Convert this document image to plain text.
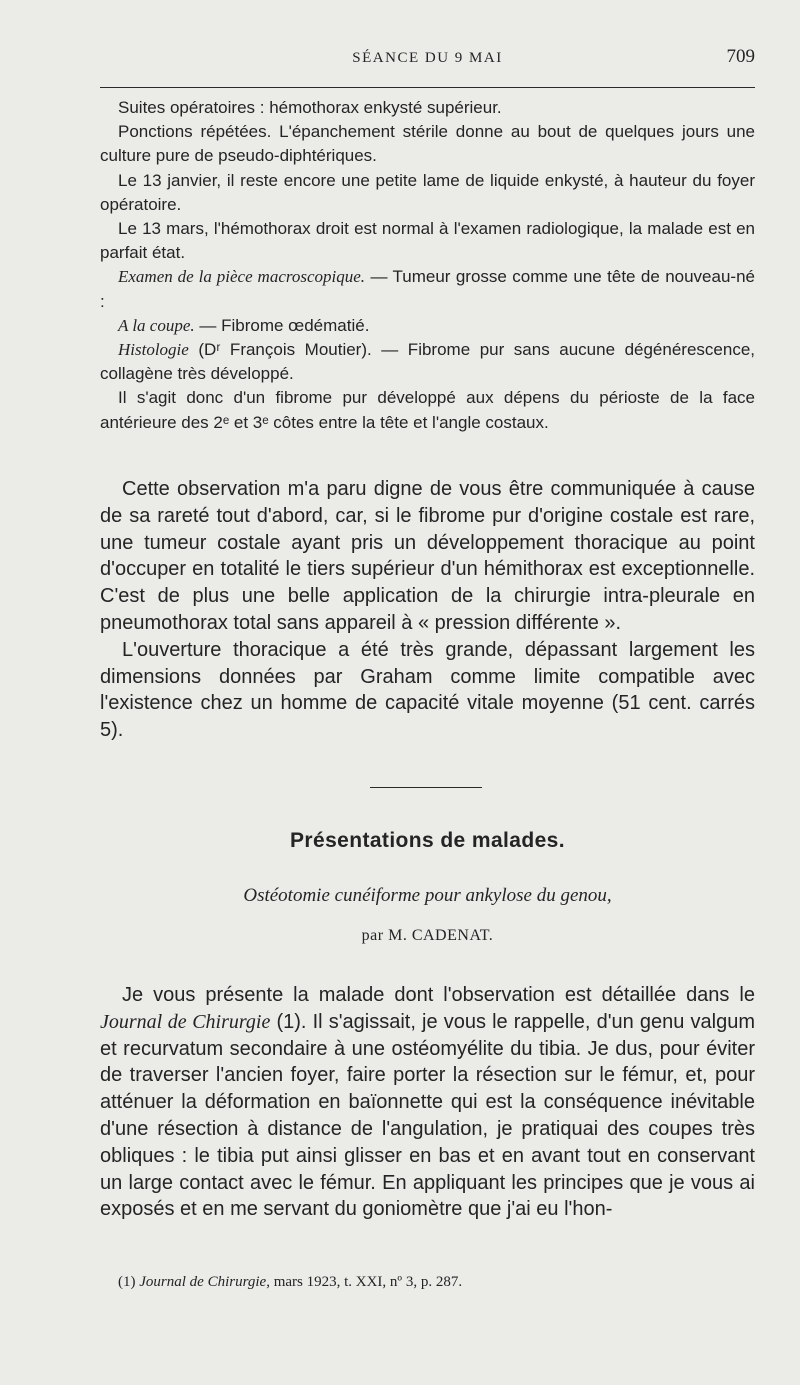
SÉANCE DU 9 MAI	709

Suites opératoires : hémothorax enkysté supérieur.

Ponctions répétées. L'épanchement stérile donne au bout de quelques jours une culture pure de pseudo-diphtériques.

Le 13 janvier, il reste encore une petite lame de liquide enkysté, à hauteur du foyer opératoire.

Le 13 mars, l'hémothorax droit est normal à l'examen radiologique, la malade est en parfait état.

Examen de la pièce macroscopique. — Tumeur grosse comme une tête de nouveau-né :

A la coupe. — Fibrome œdématié.

Histologie (Dʳ François Moutier). — Fibrome pur sans aucune dégénérescence, collagène très développé.

Il s'agit donc d'un fibrome pur développé aux dépens du périoste de la face antérieure des 2ᵉ et 3ᵉ côtes entre la tête et l'angle costaux.

Cette observation m'a paru digne de vous être communiquée à cause de sa rareté tout d'abord, car, si le fibrome pur d'origine costale est rare, une tumeur costale ayant pris un développement thoracique au point d'occuper en totalité le tiers supérieur d'un hémithorax est exceptionnelle. C'est de plus une belle application de la chirurgie intra-pleurale en pneumothorax total sans appareil à « pression différente ».

L'ouverture thoracique a été très grande, dépassant largement les dimensions données par Graham comme limite compatible avec l'existence chez un homme de capacité vitale moyenne (51 cent. carrés 5).

Présentations de malades.
Ostéotomie cunéiforme pour ankylose du genou,
par M. CADENAT.

Je vous présente la malade dont l'observation est détaillée dans le Journal de Chirurgie (1). Il s'agissait, je vous le rappelle, d'un genu valgum et recurvatum secondaire à une ostéomyélite du tibia. Je dus, pour éviter de traverser l'ancien foyer, faire porter la résection sur le fémur, et, pour atténuer la déformation en baïonnette qui est la conséquence inévitable d'une résection à distance de l'angulation, je pratiquai des coupes très obliques : le tibia put ainsi glisser en bas et en avant tout en conservant un large contact avec le fémur. En appliquant les principes que je vous ai exposés et en me servant du goniomètre que j'ai eu l'hon-

(1) Journal de Chirurgie, mars 1923, t. XXI, nº 3, p. 287.
